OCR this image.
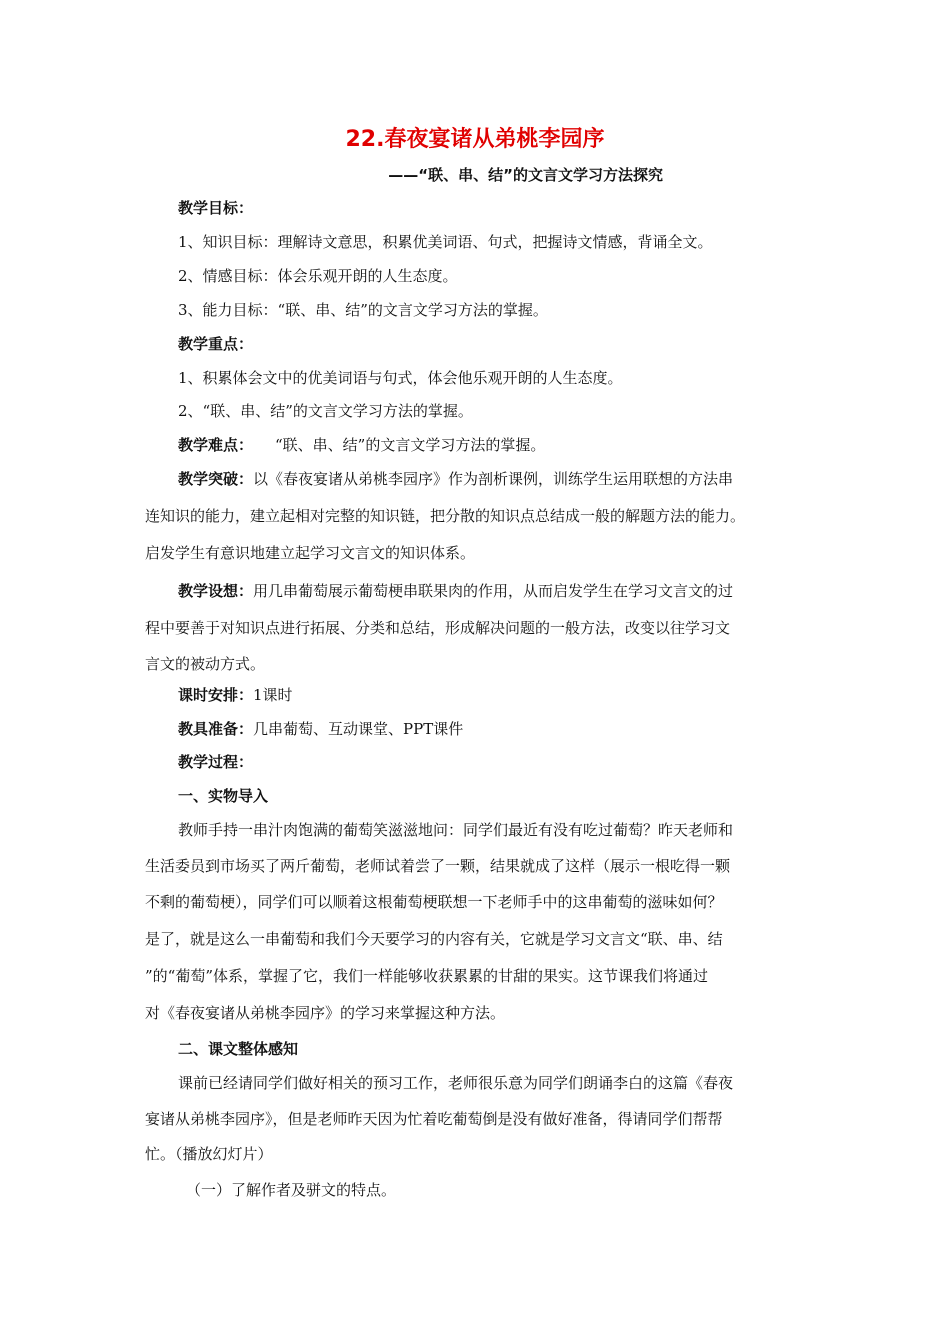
22.春夜宴诸从弟桃李园序
——“联、串、结”的文言文学习方法探究
教学目标：
1、知识目标：理解诗文意思，积累优美词语、句式，把握诗文情感，背诵全文。
2、情感目标：体会乐观开朗的人生态度。
3、能力目标：“联、串、结”的文言文学习方法的掌握。
教学重点：
1、积累体会文中的优美词语与句式，体会他乐观开朗的人生态度。
2、“联、串、结”的文言文学习方法的掌握。
教学难点： “联、串、结”的文言文学习方法的掌握。
教学突破：以《春夜宴诸从弟桃李园序》作为剖析课例，训练学生运用联想的方法串
连知识的能力，建立起相对完整的知识链，把分散的知识点总结成一般的解题方法的能力。
启发学生有意识地建立起学习文言文的知识体系。
教学设想：用几串葡萄展示葡萄梗串联果肉的作用，从而启发学生在学习文言文的过
程中要善于对知识点进行拓展、分类和总结，形成解决问题的一般方法，改变以往学习文
言文的被动方式。
课时安排：1课时
教具准备：几串葡萄、互动课堂、PPT课件
教学过程：
一、实物导入
教师手持一串汁肉饱满的葡萄笑滋滋地问：同学们最近有没有吃过葡萄？昨天老师和
生活委员到市场买了两斤葡萄，老师试着尝了一颗，结果就成了这样（展示一根吃得一颗
不剩的葡萄梗），同学们可以顺着这根葡萄梗联想一下老师手中的这串葡萄的滋味如何？
是了，就是这么一串葡萄和我们今天要学习的内容有关，它就是学习文言文“联、串、结
”的“葡萄”体系，掌握了它，我们一样能够收获累累的甘甜的果实。这节课我们将通过
对《春夜宴诸从弟桃李园序》的学习来掌握这种方法。
二、课文整体感知
课前已经请同学们做好相关的预习工作，老师很乐意为同学们朗诵李白的这篇《春夜
宴诸从弟桃李园序》，但是老师昨天因为忙着吃葡萄倒是没有做好准备，得请同学们帮帮
忙。（播放幻灯片）
（一）了解作者及骈文的特点。
